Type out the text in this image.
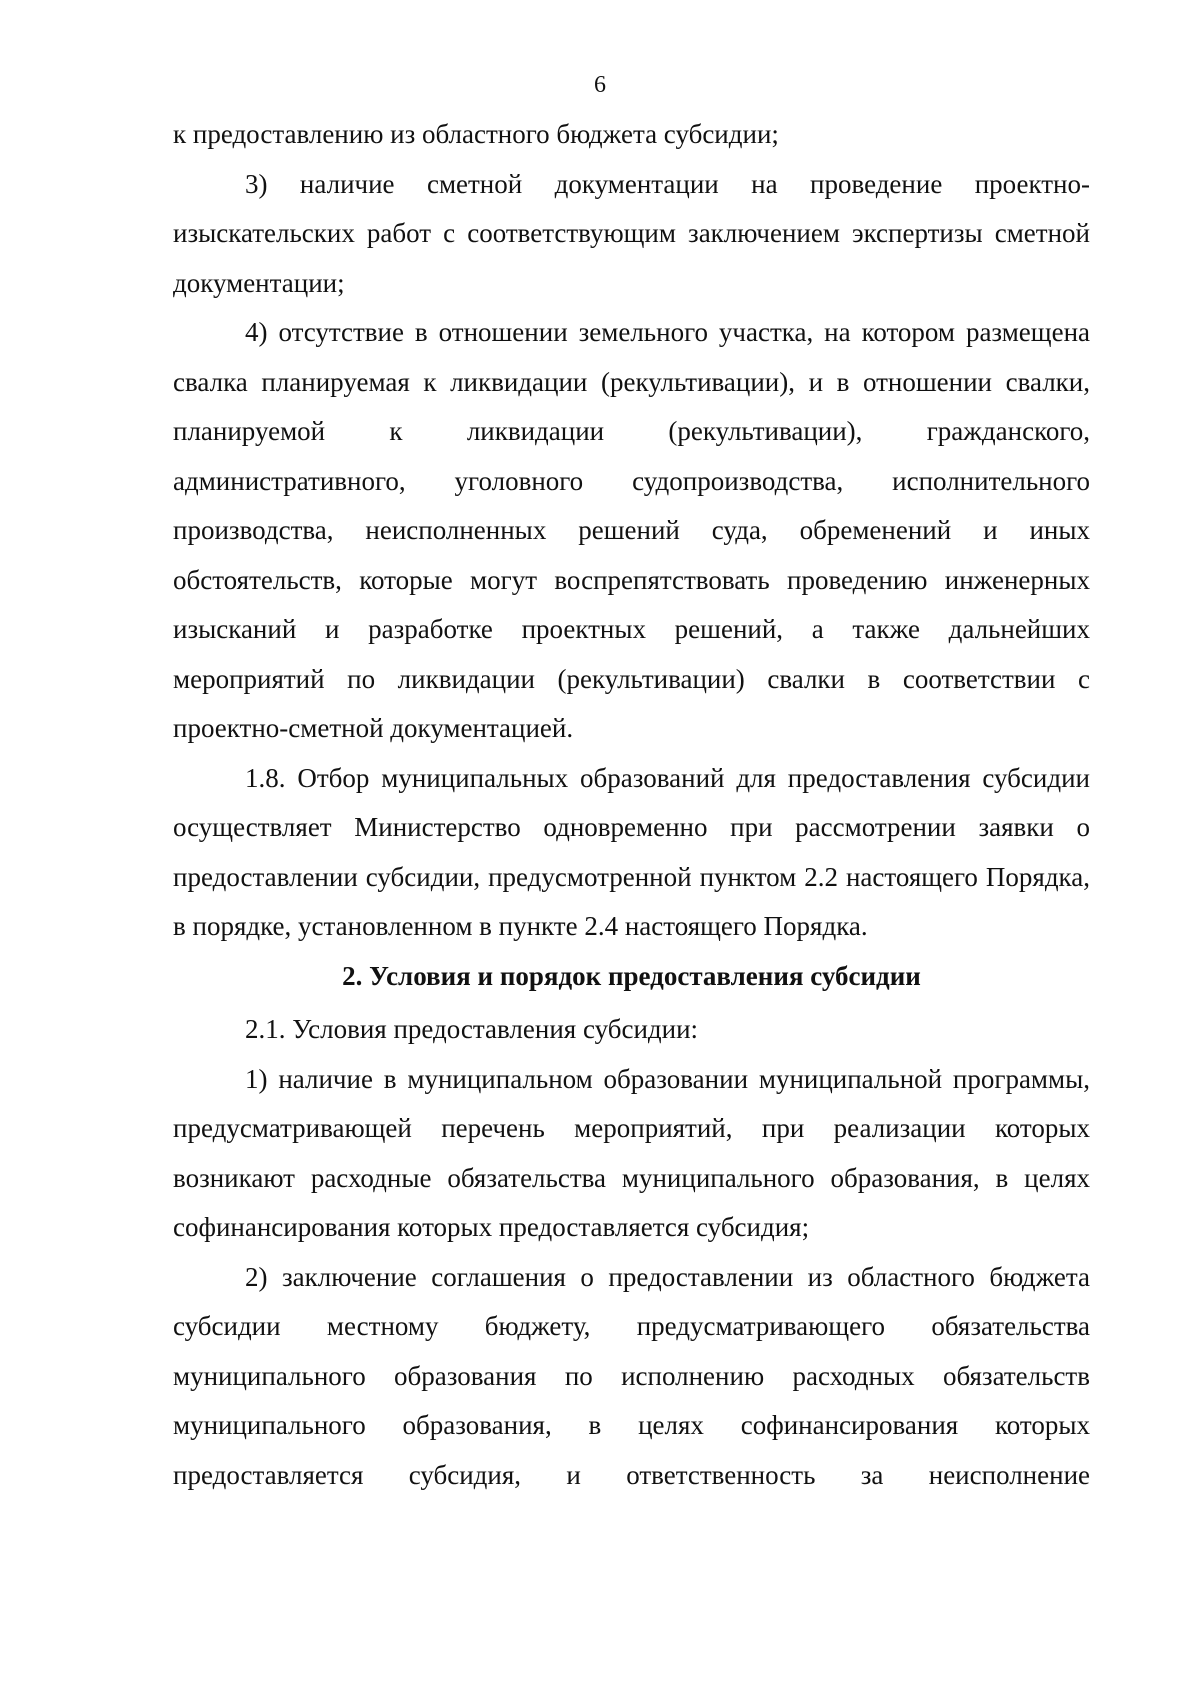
6

к предоставлению из областного бюджета субсидии;

3) наличие сметной документации на проведение проектно-изыскательских работ с соответствующим заключением экспертизы сметной документации;

4) отсутствие в отношении земельного участка, на котором размещена свалка планируемая к ликвидации (рекультивации), и в отношении свалки, планируемой к ликвидации (рекультивации), гражданского, административного, уголовного судопроизводства, исполнительного производства, неисполненных решений суда, обременений и иных обстоятельств, которые могут воспрепятствовать проведению инженерных изысканий и разработке проектных решений, а также дальнейших мероприятий по ликвидации (рекультивации) свалки в соответствии с проектно-сметной документацией.

1.8. Отбор муниципальных образований для предоставления субсидии осуществляет Министерство одновременно при рассмотрении заявки о предоставлении субсидии, предусмотренной пунктом 2.2 настоящего Порядка, в порядке, установленном в пункте 2.4 настоящего Порядка.

2. Условия и порядок предоставления субсидии

2.1. Условия предоставления субсидии:

1) наличие в муниципальном образовании муниципальной программы, предусматривающей перечень мероприятий, при реализации которых возникают расходные обязательства муниципального образования, в целях софинансирования которых предоставляется субсидия;

2) заключение соглашения о предоставлении из областного бюджета субсидии местному бюджету, предусматривающего обязательства муниципального образования по исполнению расходных обязательств муниципального образования, в целях софинансирования которых предоставляется субсидия, и ответственность за неисполнение
